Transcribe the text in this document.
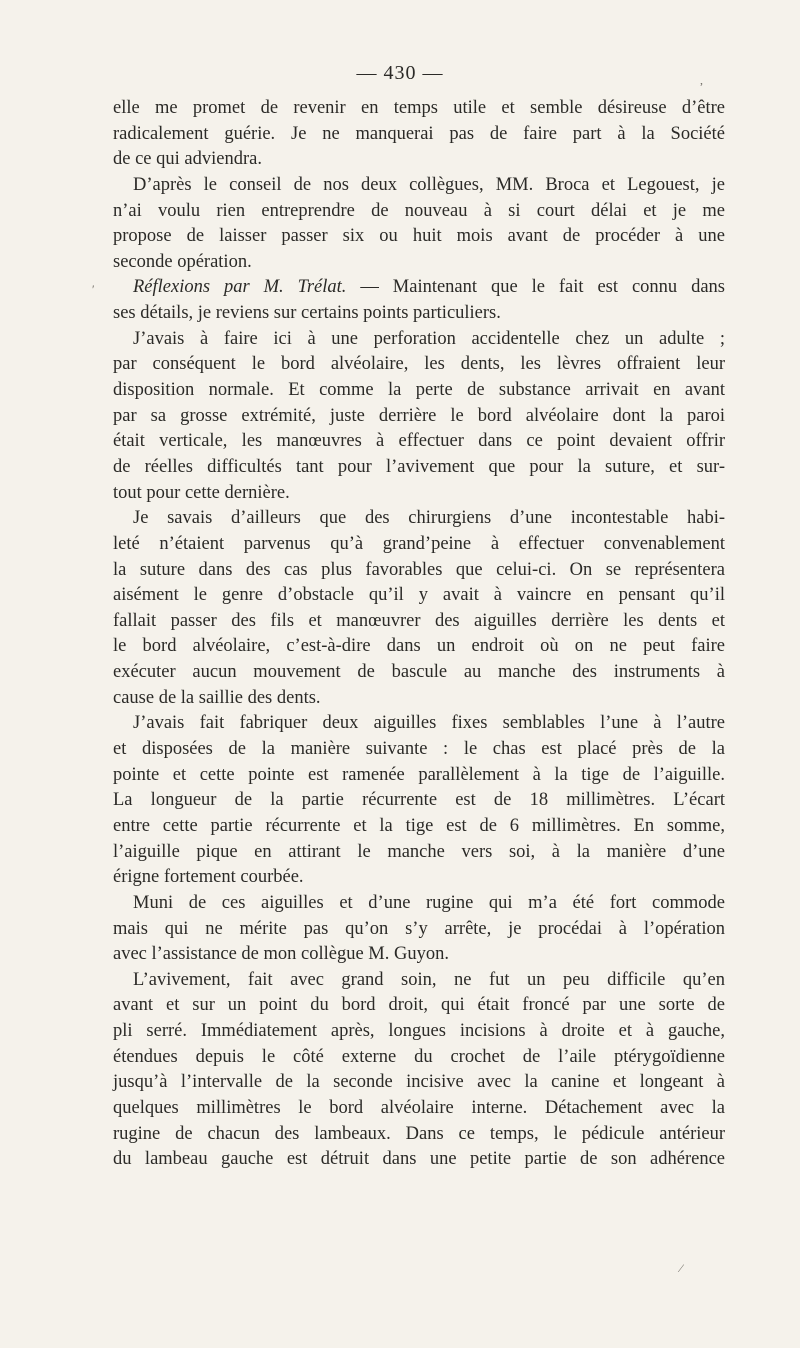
— 430 —
elle me promet de revenir en temps utile et semble désireuse d’être
radicalement guérie. Je ne manquerai pas de faire part à la Société
de ce qui adviendra.
D’après le conseil de nos deux collègues, MM. Broca et Legouest, je
n’ai voulu rien entreprendre de nouveau à si court délai et je me
propose de laisser passer six ou huit mois avant de procéder à une
seconde opération.
Réflexions par M. Trélat. — Maintenant que le fait est connu dans
ses détails, je reviens sur certains points particuliers.
J’avais à faire ici à une perforation accidentelle chez un adulte ;
par conséquent le bord alvéolaire, les dents, les lèvres offraient leur
disposition normale. Et comme la perte de substance arrivait en avant
par sa grosse extrémité, juste derrière le bord alvéolaire dont la paroi
était verticale, les manœuvres à effectuer dans ce point devaient offrir
de réelles difficultés tant pour l’avivement que pour la suture, et sur-
tout pour cette dernière.
Je savais d’ailleurs que des chirurgiens d’une incontestable habi-
leté n’étaient parvenus qu’à grand’peine à effectuer convenablement
la suture dans des cas plus favorables que celui-ci. On se représentera
aisément le genre d’obstacle qu’il y avait à vaincre en pensant qu’il
fallait passer des fils et manœuvrer des aiguilles derrière les dents et
le bord alvéolaire, c’est-à-dire dans un endroit où on ne peut faire
exécuter aucun mouvement de bascule au manche des instruments à
cause de la saillie des dents.
J’avais fait fabriquer deux aiguilles fixes semblables l’une à l’autre
et disposées de la manière suivante : le chas est placé près de la
pointe et cette pointe est ramenée parallèlement à la tige de l’aiguille.
La longueur de la partie récurrente est de 18 millimètres. L’écart
entre cette partie récurrente et la tige est de 6 millimètres. En somme,
l’aiguille pique en attirant le manche vers soi, à la manière d’une
érigne fortement courbée.
Muni de ces aiguilles et d’une rugine qui m’a été fort commode
mais qui ne mérite pas qu’on s’y arrête, je procédai à l’opération
avec l’assistance de mon collègue M. Guyon.
L’avivement, fait avec grand soin, ne fut un peu difficile qu’en
avant et sur un point du bord droit, qui était froncé par une sorte de
pli serré. Immédiatement après, longues incisions à droite et à gauche,
étendues depuis le côté externe du crochet de l’aile ptérygoïdienne
jusqu’à l’intervalle de la seconde incisive avec la canine et longeant à
quelques millimètres le bord alvéolaire interne. Détachement avec la
rugine de chacun des lambeaux. Dans ce temps, le pédicule antérieur
du lambeau gauche est détruit dans une petite partie de son adhérence
,
′
⁄
